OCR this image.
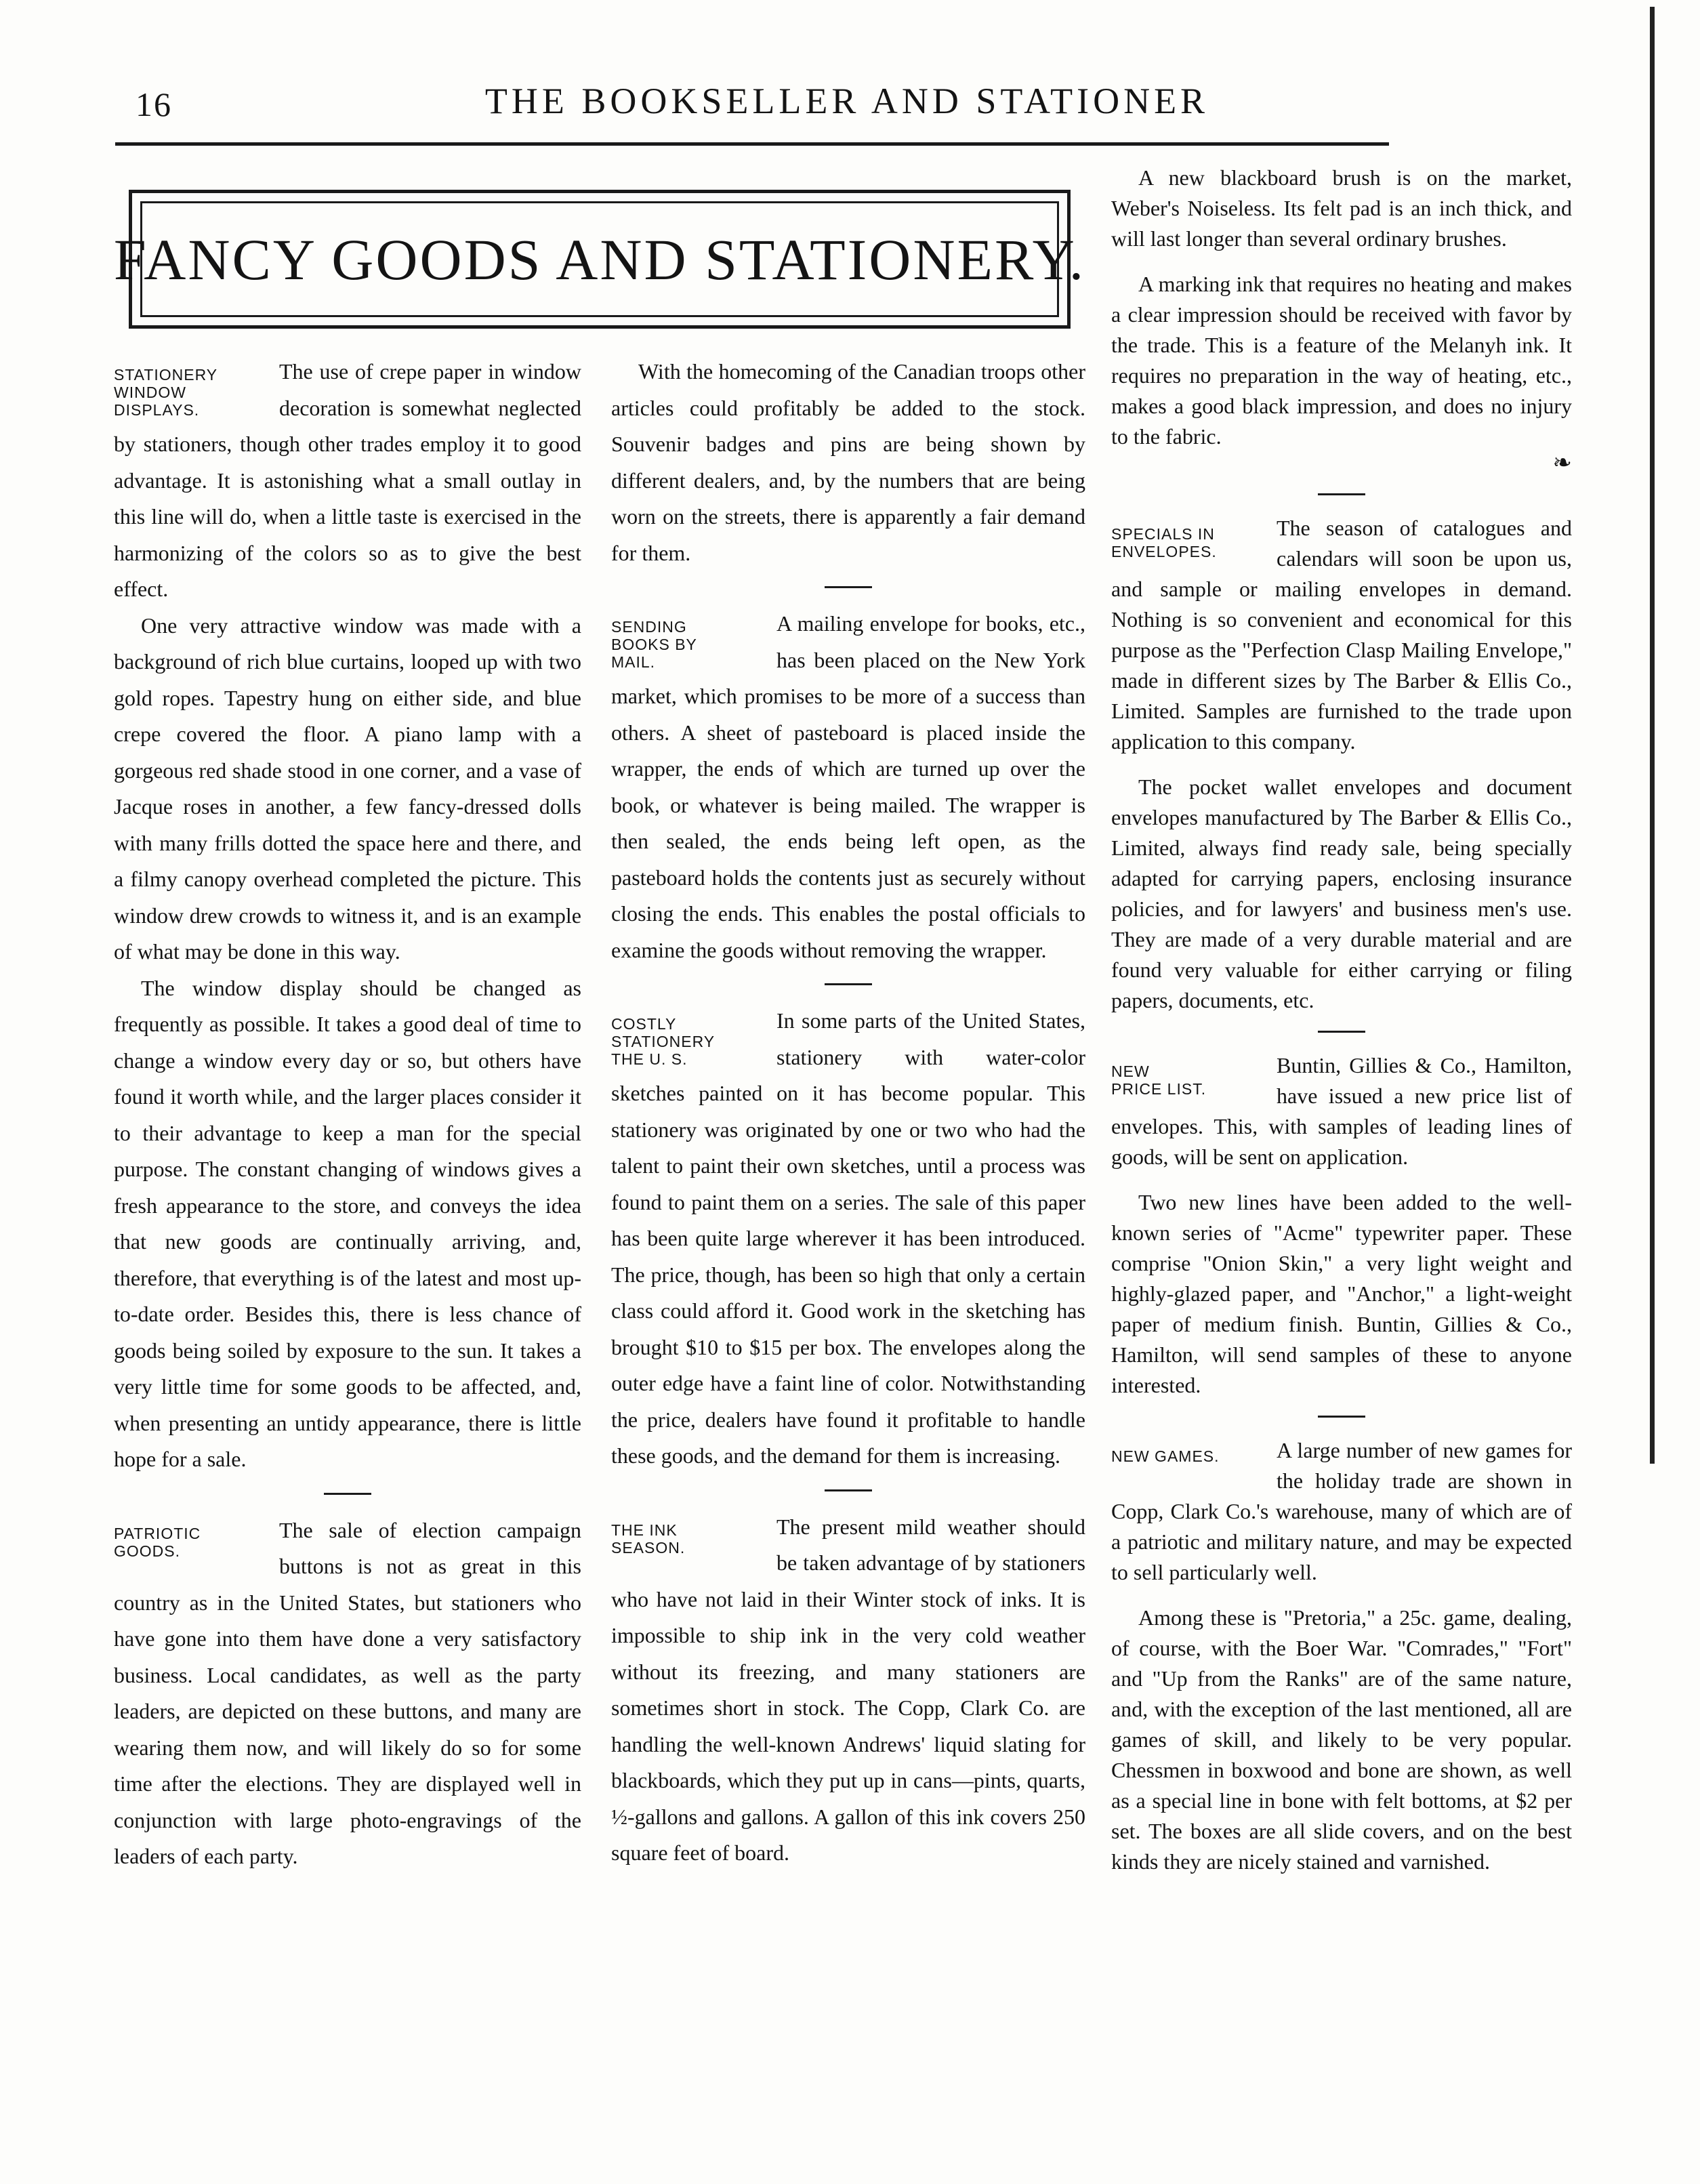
16	THE BOOKSELLER AND STATIONER
FANCY GOODS AND STATIONERY.
STATIONERY
WINDOW
DISPLAYS.

The use of crepe paper in window decoration is somewhat neglected by stationers, though other trades employ it to good advantage. It is astonishing what a small outlay in this line will do, when a little taste is exercised in the harmonizing of the colors so as to give the best effect.

One very attractive window was made with a background of rich blue curtains, looped up with two gold ropes. Tapestry hung on either side, and blue crepe covered the floor. A piano lamp with a gorgeous red shade stood in one corner, and a vase of Jacque roses in another, a few fancy-dressed dolls with many frills dotted the space here and there, and a filmy canopy overhead completed the picture. This window drew crowds to witness it, and is an example of what may be done in this way.

The window display should be changed as frequently as possible. It takes a good deal of time to change a window every day or so, but others have found it worth while, and the larger places consider it to their advantage to keep a man for the special purpose. The constant changing of windows gives a fresh appearance to the store, and conveys the idea that new goods are continually arriving, and, therefore, that everything is of the latest and most up-to-date order. Besides this, there is less chance of goods being soiled by exposure to the sun. It takes a very little time for some goods to be affected, and, when presenting an untidy appearance, there is little hope for a sale.

PATRIOTIC
GOODS.

The sale of election campaign buttons is not as great in this country as in the United States, but stationers who have gone into them have done a very satisfactory business. Local candidates, as well as the party leaders, are depicted on these buttons, and many are wearing them now, and will likely do so for some time after the elections. They are displayed well in conjunction with large photo-engravings of the leaders of each party.

With the homecoming of the Canadian troops other articles could profitably be added to the stock. Souvenir badges and pins are being shown by different dealers, and, by the numbers that are being worn on the streets, there is apparently a fair demand for them.

SENDING
BOOKS BY
MAIL.

A mailing envelope for books, etc., has been placed on the New York market, which promises to be more of a success than others. A sheet of pasteboard is placed inside the wrapper, the ends of which are turned up over the book, or whatever is being mailed. The wrapper is then sealed, the ends being left open, as the pasteboard holds the contents just as securely without closing the ends. This enables the postal officials to examine the goods without removing the wrapper.

COSTLY
STATIONERY
THE U. S.

In some parts of the United States, stationery with water-color sketches painted on it has become popular. This stationery was originated by one or two who had the talent to paint their own sketches, until a process was found to paint them on a series. The sale of this paper has been quite large wherever it has been introduced. The price, though, has been so high that only a certain class could afford it. Good work in the sketching has brought $10 to $15 per box. The envelopes along the outer edge have a faint line of color. Notwithstanding the price, dealers have found it profitable to handle these goods, and the demand for them is increasing.

THE INK
SEASON.

The present mild weather should be taken advantage of by stationers who have not laid in their Winter stock of inks. It is impossible to ship ink in the very cold weather without its freezing, and many stationers are sometimes short in stock. The Copp, Clark Co. are handling the well-known Andrews' liquid slating for blackboards, which they put up in cans—pints, quarts, ½-gallons and gallons. A gallon of this ink covers 250 square feet of board.

A new blackboard brush is on the market, Weber's Noiseless. Its felt pad is an inch thick, and will last longer than several ordinary brushes.

A marking ink that requires no heating and makes a clear impression should be received with favor by the trade. This is a feature of the Melanyh ink. It requires no preparation in the way of heating, etc., makes a good black impression, and does no injury to the fabric.

❧
SPECIALS IN
ENVELOPES.

The season of catalogues and calendars will soon be upon us, and sample or mailing envelopes in demand. Nothing is so convenient and economical for this purpose as the "Perfection Clasp Mailing Envelope," made in different sizes by The Barber & Ellis Co., Limited. Samples are furnished to the trade upon application to this company.

The pocket wallet envelopes and document envelopes manufactured by The Barber & Ellis Co., Limited, always find ready sale, being specially adapted for carrying papers, enclosing insurance policies, and for lawyers' and business men's use. They are made of a very durable material and are found very valuable for either carrying or filing papers, documents, etc.

NEW
PRICE LIST.

Buntin, Gillies & Co., Hamilton, have issued a new price list of envelopes. This, with samples of leading lines of goods, will be sent on application.

Two new lines have been added to the well-known series of "Acme" typewriter paper. These comprise "Onion Skin," a very light weight and highly-glazed paper, and "Anchor," a light-weight paper of medium finish. Buntin, Gillies & Co., Hamilton, will send samples of these to anyone interested.

NEW GAMES.	A large number of new games for the holiday trade are shown in Copp, Clark Co.'s warehouse, many of which are of a patriotic and military nature, and may be expected to sell particularly well.

Among these is "Pretoria," a 25c. game, dealing, of course, with the Boer War. "Comrades," "Fort" and "Up from the Ranks" are of the same nature, and, with the exception of the last mentioned, all are games of skill, and likely to be very popular. Chessmen in boxwood and bone are shown, as well as a special line in bone with felt bottoms, at $2 per set. The boxes are all slide covers, and on the best kinds they are nicely stained and varnished.
